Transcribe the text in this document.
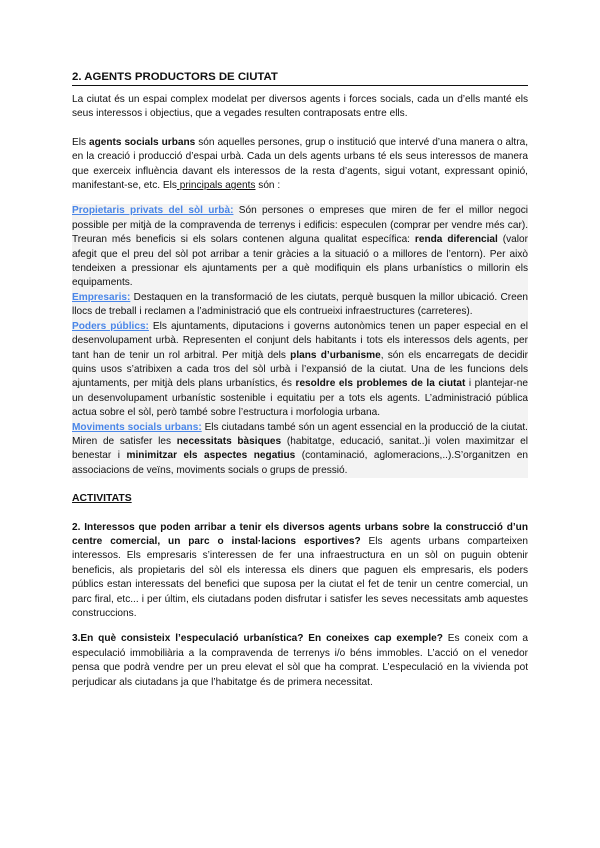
2. AGENTS PRODUCTORS DE CIUTAT

La ciutat és un espai complex modelat per diversos agents i forces socials, cada un d’ells manté els seus interessos i objectius, que a vegades resulten contraposats entre ells.

Els agents socials urbans són aquelles persones, grup o institució que intervé d’una manera o altra, en la creació i producció d’espai urbà. Cada un dels agents urbans té els seus interessos de manera que exerceix influència davant els interessos de la resta d’agents, sigui votant, expressant opinió, manifestant-se, etc. Els principals agents són :

Propietaris privats del sòl urbà: Són persones o empreses que miren de fer el millor negoci possible per mitjà de la compravenda de terrenys i edificis: especulen (comprar per vendre més car). Treuran més beneficis si els solars contenen alguna qualitat específica: renda diferencial (valor afegit que el preu del sòl pot arribar a tenir gràcies a la situació o a millores de l’entorn). Per això tendeixen a pressionar els ajuntaments per a què modifiquin els plans urbanístics o millorin els equipaments.

Empresaris: Destaquen en la transformació de les ciutats, perquè busquen la millor ubicació. Creen llocs de treball i reclamen a l’administració que els contrueixi infraestructures (carreteres).

Poders públics: Els ajuntaments, diputacions i governs autonòmics tenen un paper especial en el desenvolupament urbà. Representen el conjunt dels habitants i tots els interessos dels agents, per tant han de tenir un rol arbitral. Per mitjà dels plans d’urbanisme, són els encarregats de decidir quins usos s’atribixen a cada tros del sòl urbà i l’expansió de la ciutat. Una de les funcions dels ajuntaments, per mitjà dels plans urbanístics, és resoldre els problemes de la ciutat i plantejar-ne un desenvolupament urbanístic sostenible i equitatiu per a tots els agents. L’administració pública actua sobre el sòl, però també sobre l’estructura i morfologia urbana.

Moviments socials urbans: Els ciutadans també són un agent essencial en la producció de la ciutat. Miren de satisfer les necessitats bàsiques (habitatge, educació, sanitat..)i volen maximitzar el benestar i minimitzar els aspectes negatius (contaminació, aglomeracions,..).S’organitzen en associacions de veïns, moviments socials o grups de pressió.

ACTIVITATS

2. Interessos que poden arribar a tenir els diversos agents urbans sobre la construcció d’un centre comercial, un parc o instal·lacions esportives? Els agents urbans comparteixen interessos. Els empresaris s’interessen de fer una infraestructura en un sòl on puguin obtenir beneficis, als propietaris del sòl els interessa els diners que paguen els empresaris, els poders públics estan interessats del benefici que suposa per la ciutat el fet de tenir un centre comercial, un parc firal, etc... i per últim, els ciutadans poden disfrutar i satisfer les seves necessitats amb aquestes construccions.

3.En què consisteix l’especulació urbanística? En coneixes cap exemple? Es coneix com a especulació immobiliària a la compravenda de terrenys i/o béns immobles. L’acció on el venedor pensa que podrà vendre per un preu elevat el sòl que ha comprat. L’especulació en la vivienda pot perjudicar als ciutadans ja que l’habitatge és de primera necessitat.
